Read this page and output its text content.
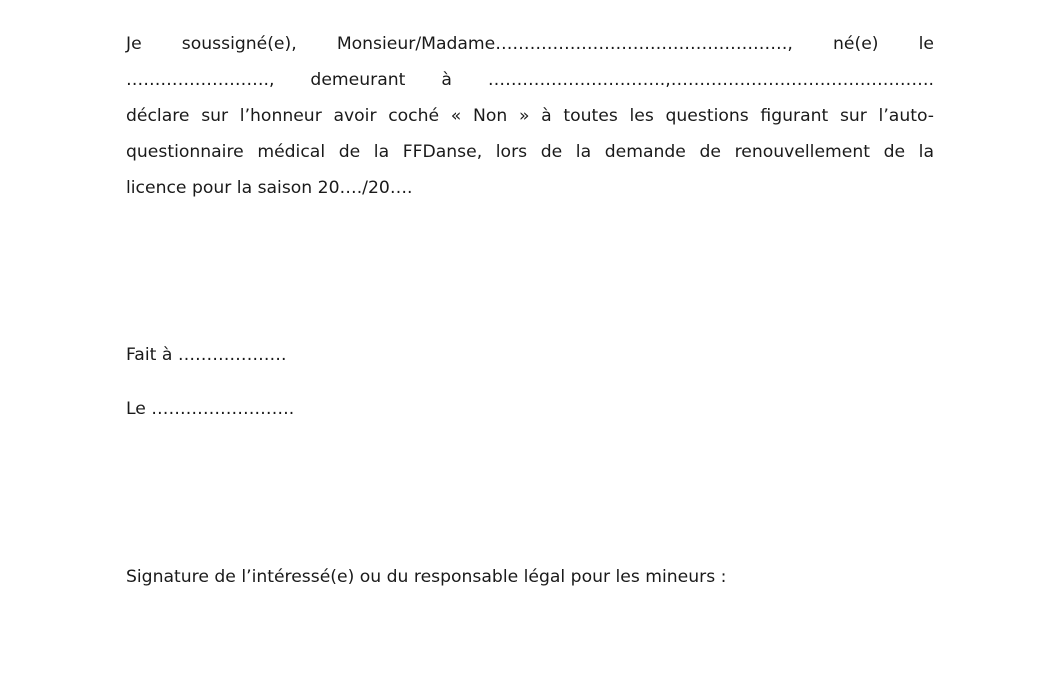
Je soussigné(e), Monsieur/Madame……………………………………………, né(e) le
……………………., demeurant à ………………………….,……………………………………….
déclare sur l’honneur avoir coché « Non » à toutes les questions figurant sur l’auto-
questionnaire médical de la FFDanse, lors de la demande de renouvellement de la
licence pour la saison 20…./20….
Fait à ……………….
Le …………………….
Signature de l’intéressé(e) ou du responsable légal pour les mineurs :
